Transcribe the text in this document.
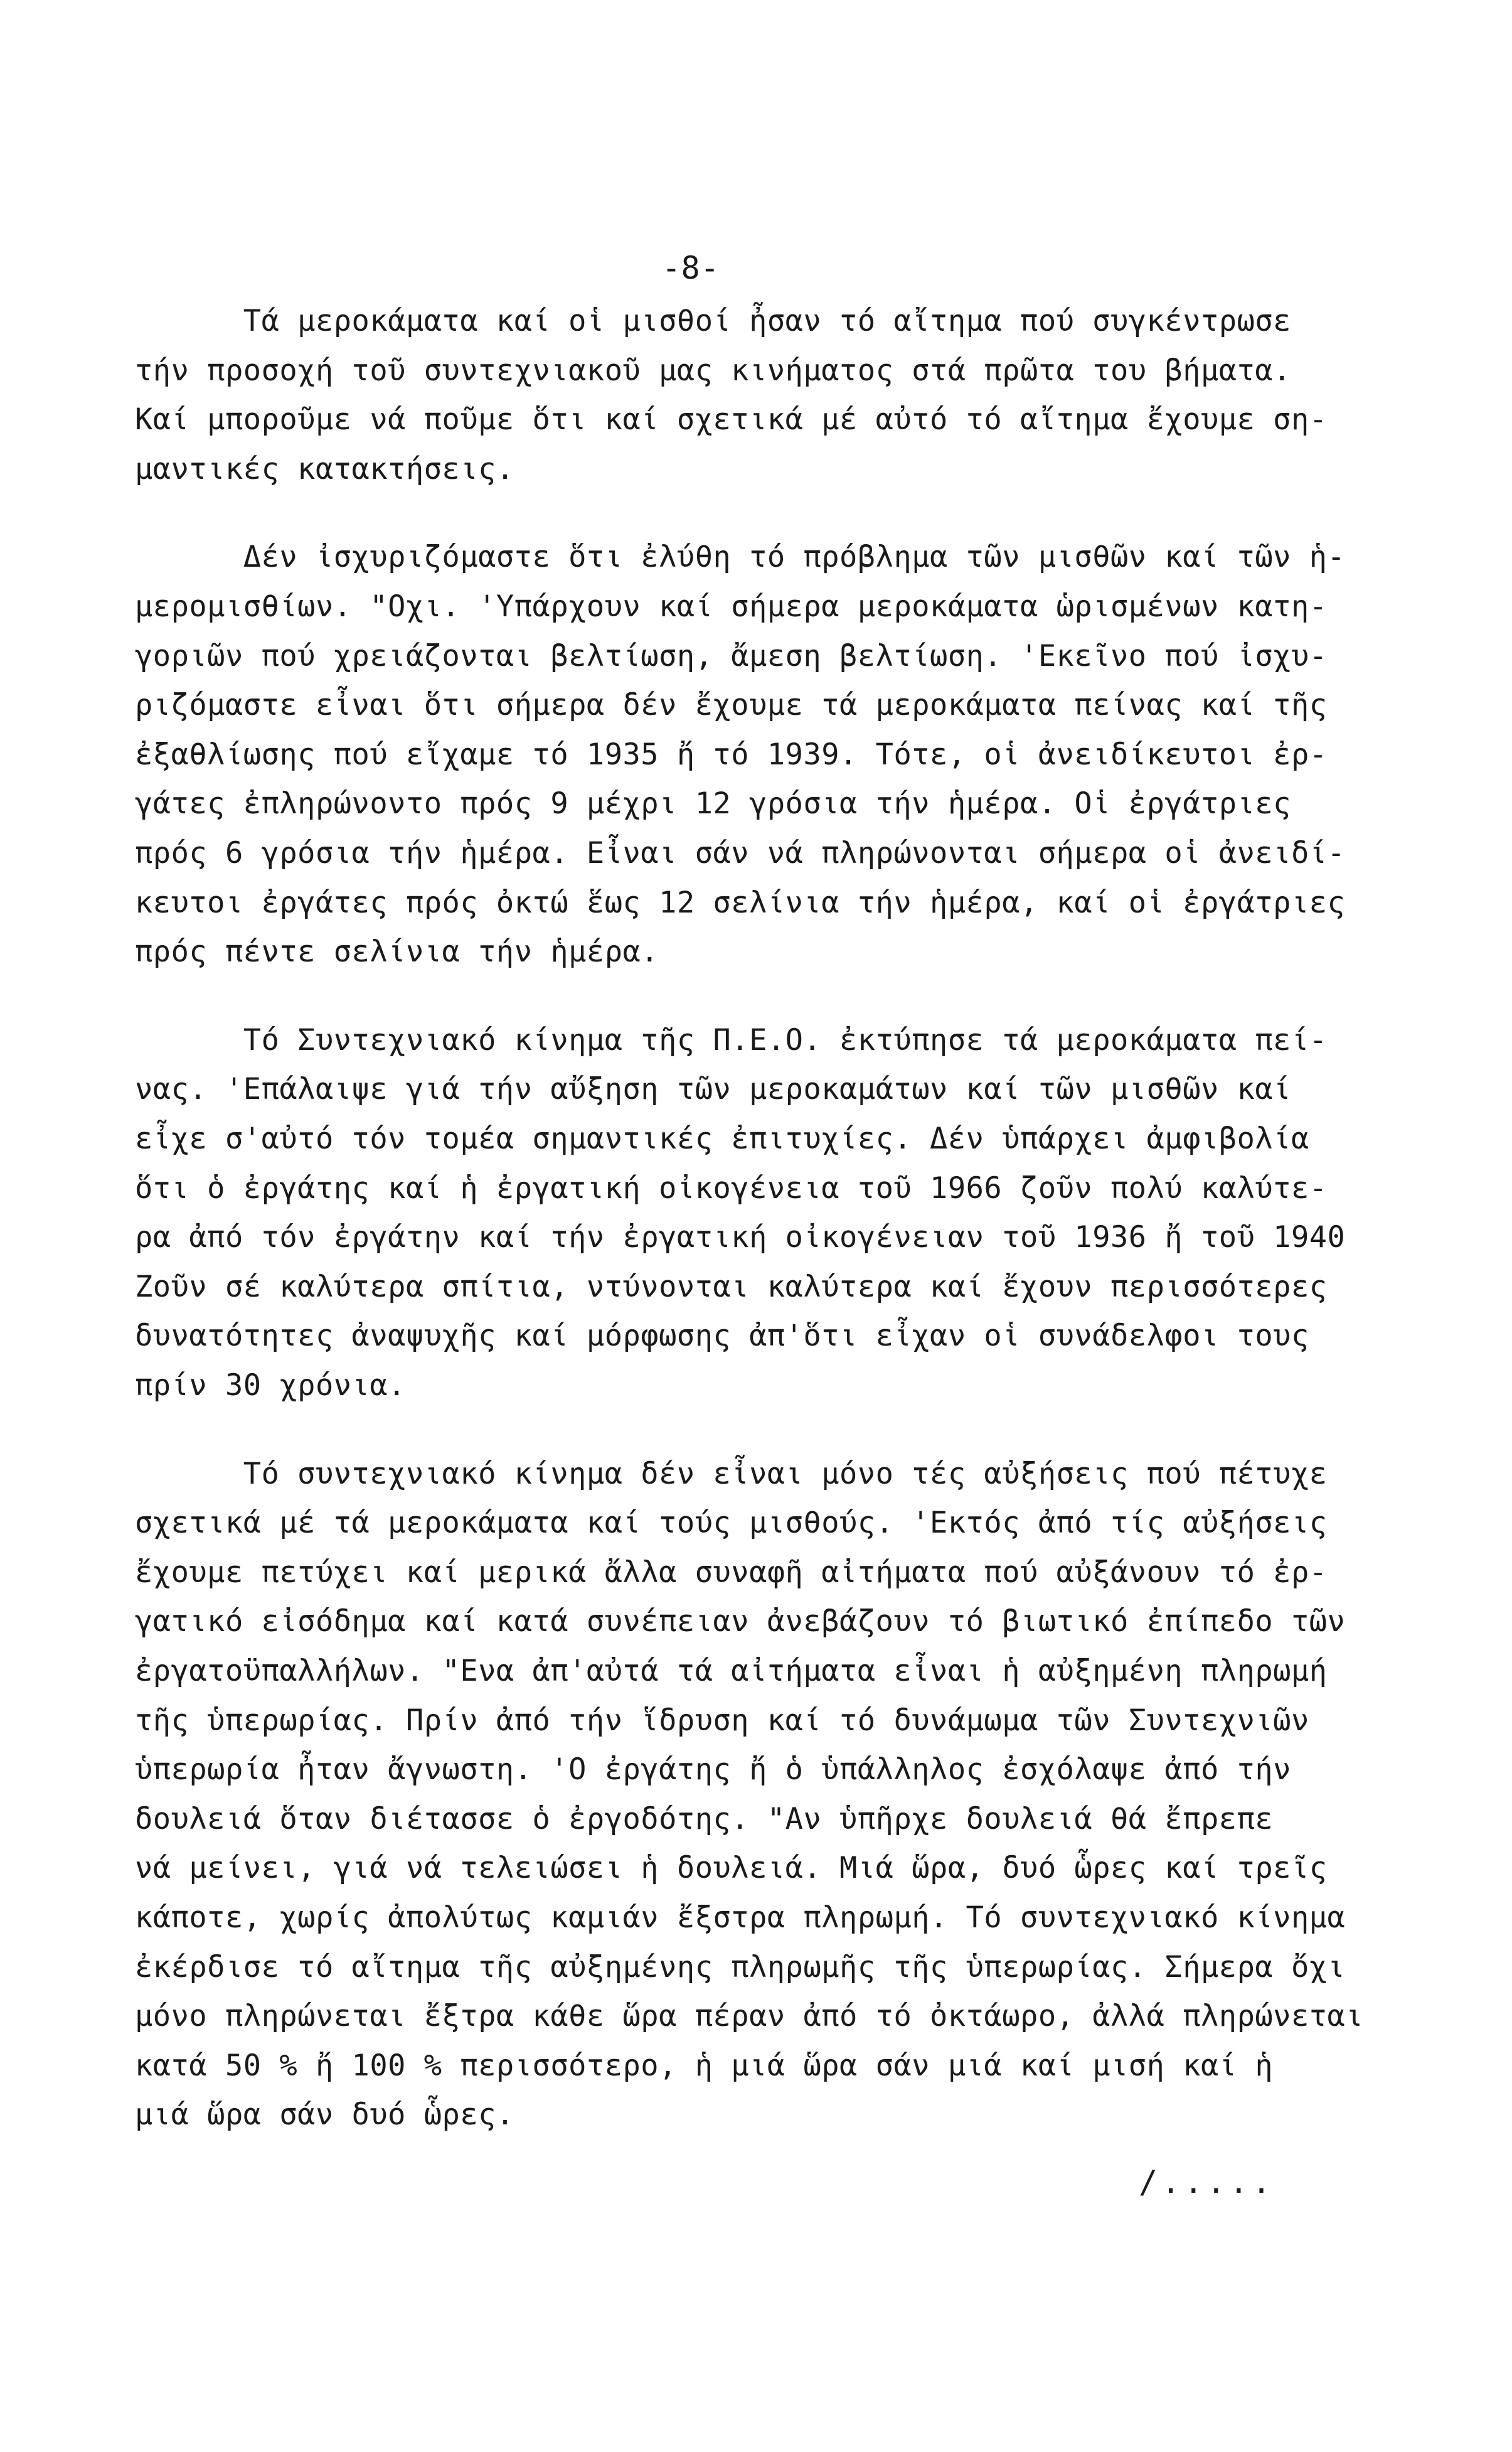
-8-
Τά μεροκάματα καί οἱ μισθοί ἦσαν τό αἴτημα πού συγκέντρωσε
τήν προσοχή τοῦ συντεχνιακοῦ μας κινήματος στά πρῶτα του βήματα.
Καί μποροῦμε νά ποῦμε ὅτι καί σχετικά μέ αὐτό τό αἴτημα ἔχουμε ση-
μαντικές κατακτήσεις.
Δέν ἰσχυριζόμαστε ὅτι ἐλύθη τό πρόβλημα τῶν μισθῶν καί τῶν ἡ-
μερομισθίων. "Οχι. 'Υπάρχουν καί σήμερα μεροκάματα ὡρισμένων κατη-
γοριῶν πού χρειάζονται βελτίωση, ἄμεση βελτίωση. 'Εκεῖνο πού ἰσχυ-
ριζόμαστε εἶναι ὅτι σήμερα δέν ἔχουμε τά μεροκάματα πείνας καί τῆς
ἐξαθλίωσης πού εἴχαμε τό 1935 ἤ τό 1939. Τότε, οἱ ἀνειδίκευτοι ἐρ-
γάτες ἐπληρώνοντο πρός 9 μέχρι 12 γρόσια τήν ἡμέρα. Οἱ ἐργάτριες
πρός 6 γρόσια τήν ἡμέρα. Εἶναι σάν νά πληρώνονται σήμερα οἱ ἀνειδί-
κευτοι ἐργάτες πρός ὀκτώ ἕως 12 σελίνια τήν ἡμέρα, καί οἱ ἐργάτριες
πρός πέντε σελίνια τήν ἡμέρα.
Τό Συντεχνιακό κίνημα τῆς Π.Ε.Ο. ἐκτύπησε τά μεροκάματα πεί-
νας. 'Επάλαιψε γιά τήν αὔξηση τῶν μεροκαμάτων καί τῶν μισθῶν καί
εἶχε σ'αὐτό τόν τομέα σημαντικές ἐπιτυχίες. Δέν ὑπάρχει ἀμφιβολία
ὅτι ὁ ἐργάτης καί ἡ ἐργατική οἰκογένεια τοῦ 1966 ζοῦν πολύ καλύτε-
ρα ἀπό τόν ἐργάτην καί τήν ἐργατική οἰκογένειαν τοῦ 1936 ἤ τοῦ 1940
Ζοῦν σέ καλύτερα σπίτια, ντύνονται καλύτερα καί ἔχουν περισσότερες
δυνατότητες ἀναψυχῆς καί μόρφωσης ἀπ'ὅτι εἶχαν οἱ συνάδελφοι τους
πρίν 30 χρόνια.
Τό συντεχνιακό κίνημα δέν εἶναι μόνο τές αὐξήσεις πού πέτυχε
σχετικά μέ τά μεροκάματα καί τούς μισθούς. 'Εκτός ἀπό τίς αὐξήσεις
ἔχουμε πετύχει καί μερικά ἄλλα συναφῆ αἰτήματα πού αὐξάνουν τό ἐρ-
γατικό εἰσόδημα καί κατά συνέπειαν ἀνεβάζουν τό βιωτικό ἐπίπεδο τῶν
ἐργατοϋπαλλήλων. "Ενα ἀπ'αὐτά τά αἰτήματα εἶναι ἡ αὐξημένη πληρωμή
τῆς ὑπερωρίας. Πρίν ἀπό τήν ἵδρυση καί τό δυνάμωμα τῶν Συντεχνιῶν
ὑπερωρία ἦταν ἄγνωστη. 'Ο ἐργάτης ἤ ὁ ὑπάλληλος ἐσχόλαψε ἀπό τήν
δουλειά ὅταν διέτασσε ὁ ἐργοδότης. "Αν ὑπῆρχε δουλειά θά ἔπρεπε
νά μείνει, γιά νά τελειώσει ἡ δουλειά. Μιά ὥρα, δυό ὧρες καί τρεῖς
κάποτε, χωρίς ἀπολύτως καμιάν ἔξστρα πληρωμή. Τό συντεχνιακό κίνημα
ἐκέρδισε τό αἴτημα τῆς αὐξημένης πληρωμῆς τῆς ὑπερωρίας. Σήμερα ὄχι
μόνο πληρώνεται ἔξτρα κάθε ὥρα πέραν ἀπό τό ὀκτάωρο, ἀλλά πληρώνεται
κατά 50 % ἤ 100 % περισσότερο, ἡ μιά ὥρα σάν μιά καί μισή καί ἡ
μιά ὥρα σάν δυό ὧρες.
/.....
